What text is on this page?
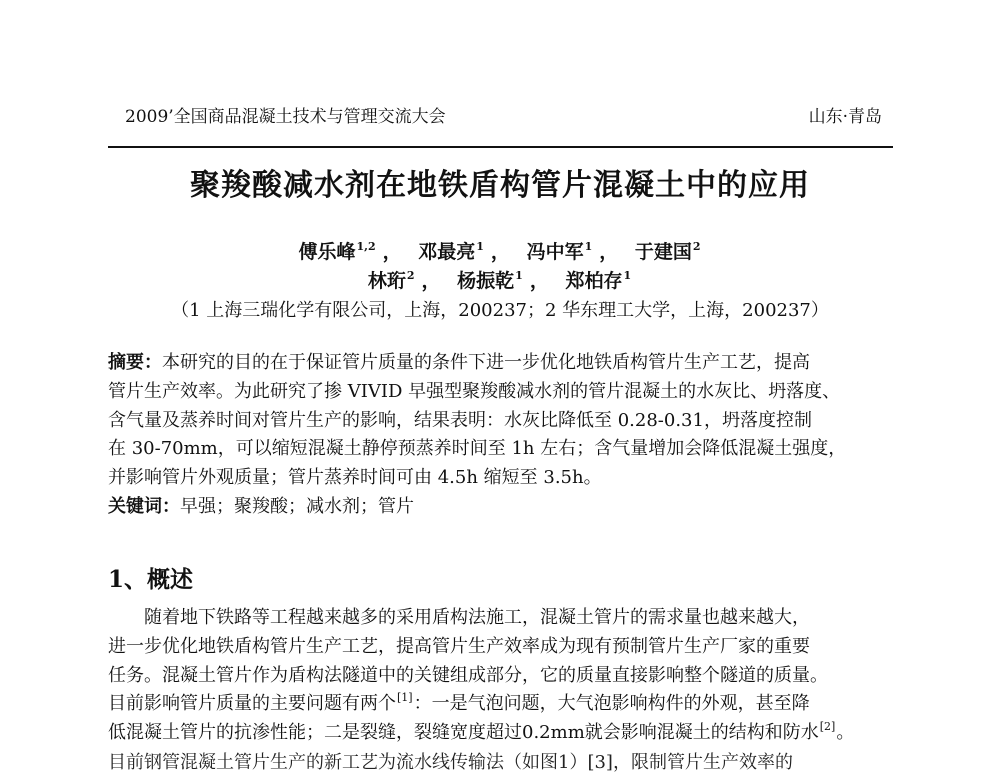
2009’全国商品混凝土技术与管理交流大会	山东·青岛
聚羧酸减水剂在地铁盾构管片混凝土中的应用
傅乐峰$^{1,2}$ ， 邓最亮$^1$ ， 冯中军$^1$ ， 于建国$^2$
林珩$^2$ ， 杨振乾$^1$ ， 郑柏存$^1$
（1 上海三瑞化学有限公司，上海，200237；2 华东理工大学，上海，200237）
摘要：本研究的目的在于保证管片质量的条件下进一步优化地铁盾构管片生产工艺，提高
管片生产效率。为此研究了掺 VIVID 早强型聚羧酸减水剂的管片混凝土的水灰比、坍落度、
含气量及蒸养时间对管片生产的影响，结果表明：水灰比降低至 0.28-0.31，坍落度控制
在 30-70mm，可以缩短混凝土静停预蒸养时间至 1h 左右；含气量增加会降低混凝土强度，
并影响管片外观质量；管片蒸养时间可由 4.5h 缩短至 3.5h。
关键词：早强；聚羧酸；减水剂；管片
1、概述
随着地下铁路等工程越来越多的采用盾构法施工，混凝土管片的需求量也越来越大，
进一步优化地铁盾构管片生产工艺，提高管片生产效率成为现有预制管片生产厂家的重要
任务。混凝土管片作为盾构法隧道中的关键组成部分，它的质量直接影响整个隧道的质量。
目前影响管片质量的主要问题有两个[1]：一是气泡问题，大气泡影响构件的外观，甚至降
低混凝土管片的抗渗性能；二是裂缝，裂缝宽度超过0.2mm就会影响混凝土的结构和防水[2]。
目前钢管混凝土管片生产的新工艺为流水线传输法（如图1）[3]，限制管片生产效率的
